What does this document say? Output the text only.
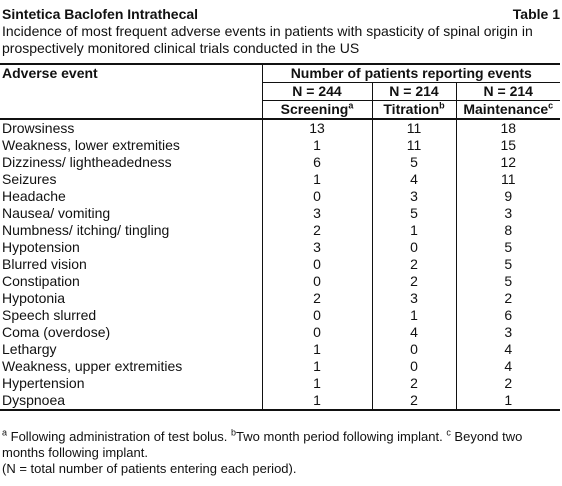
Sintetica Baclofen Intrathecal	Table 1
Incidence of most frequent adverse events in patients with spasticity of spinal origin in prospectively monitored clinical trials conducted in the US
Adverse event	Number of patients reporting events		
	N = 244	N = 214	N = 214
	Screening$^a$	Titration$^b$	Maintenance$^c$
Drowsiness	13	11	18
Weakness, lower extremities	1	11	15
Dizziness/ lightheadedness	6	5	12
Seizures	1	4	11
Headache	0	3	9
Nausea/ vomiting	3	5	3
Numbness/ itching/ tingling	2	1	8
Hypotension	3	0	5
Blurred vision	0	2	5
Constipation	0	2	5
Hypotonia	2	3	2
Speech slurred	0	1	6
Coma (overdose)	0	4	3
Lethargy	1	0	4
Weakness, upper extremities	1	0	4
Hypertension	1	2	2
Dyspnoea	1	2	1
$^a$ Following administration of test bolus. $^b$Two month period following implant. $^c$ Beyond two months following implant.
(N = total number of patients entering each period).
